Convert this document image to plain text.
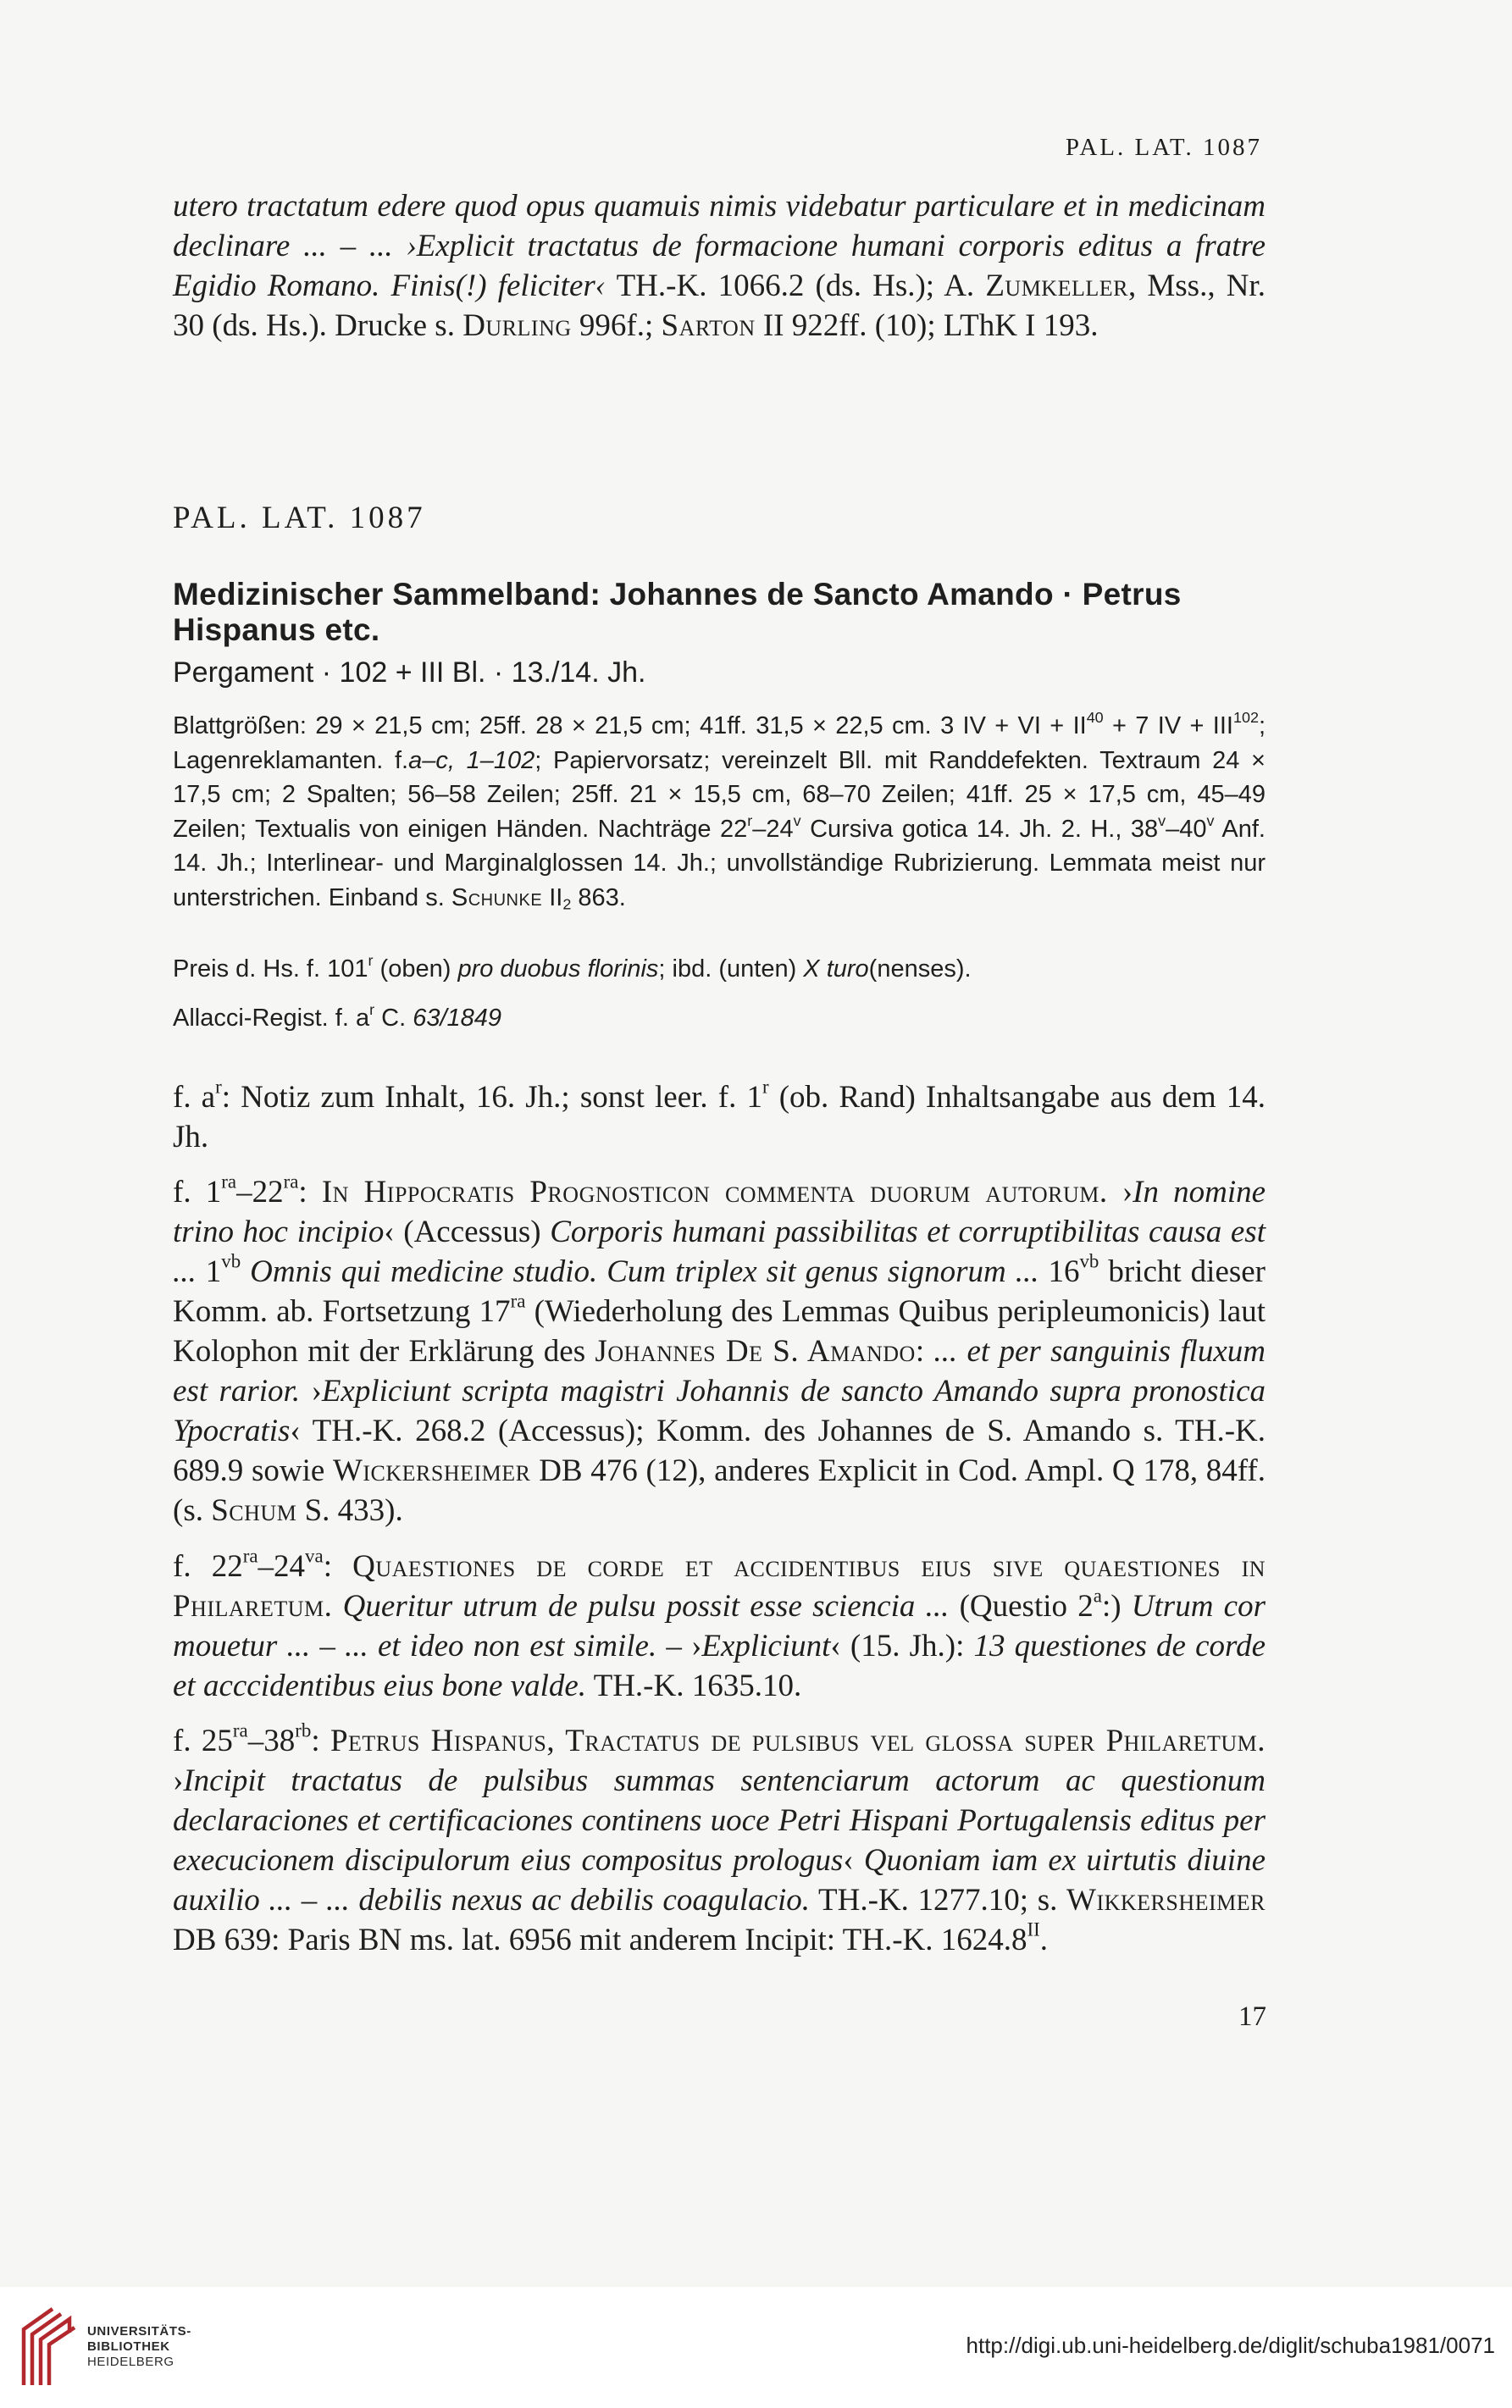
PAL. LAT. 1087

utero tractatum edere quod opus quamuis nimis videbatur particulare et in medicinam declinare ... – ... ›Explicit tractatus de formacione humani corporis editus a fratre Egidio Romano. Finis(!) feliciter‹ TH.-K. 1066.2 (ds. Hs.); A. Zumkeller, Mss., Nr. 30 (ds. Hs.). Drucke s. Durling 996f.; Sarton II 922ff. (10); LThK I 193.

PAL. LAT. 1087
Medizinischer Sammelband: Johannes de Sancto Amando · Petrus Hispanus etc.
Pergament · 102 + III Bl. · 13./14. Jh.

Blattgrößen: 29 × 21,5 cm; 25ff. 28 × 21,5 cm; 41ff. 31,5 × 22,5 cm. 3 IV + VI + $II^{40} + 7$ IV + $III^{102}$; Lagenreklamanten. f.a–c, 1–102; Papiervorsatz; vereinzelt Bll. mit Randdefekten. Textraum 24 × 17,5 cm; 2 Spalten; 56–58 Zeilen; 25ff. 21 × 15,5 cm, 68–70 Zeilen; 41ff. 25 × 17,5 cm, 45–49 Zeilen; Textualis von einigen Händen. Nachträge 22$^r$–24$^v$ Cursiva gotica 14. Jh. 2. H., 38$^v$–40$^v$ Anf. 14. Jh.; Interlinear- und Marginalglossen 14. Jh.; unvollständige Rubrizierung. Lemmata meist nur unterstrichen. Einband s. Schunke $II_2$ 863.

Preis d. Hs. f. 101$^r$ (oben) pro duobus florinis; ibd. (unten) X turo(nenses).

Allacci-Regist. f. $a^r$ C. 63/1849

f. $a^r$: Notiz zum Inhalt, 16. Jh.; sonst leer. f. 1$^r$ (ob. Rand) Inhaltsangabe aus dem 14. Jh.

f. $1^{ra}-22^{ra}$: In Hippocratis Prognosticon commenta duorum autorum. ›In nomine trino hoc incipio‹ (Accessus) Corporis humani passibilitas et corruptibilitas causa est ... $1^{vb}$ Omnis qui medicine studio. Cum triplex sit genus signorum ... $16^{vb}$ bricht dieser Komm. ab. Fortsetzung $17^{ra}$ (Wiederholung des Lemmas Quibus peripleumonicis) laut Kolophon mit der Erklärung des Johannes De S. Amando: ... et per sanguinis fluxum est rarior. ›Expliciunt scripta magistri Johannis de sancto Amando supra pronostica Ypocratis‹ TH.-K. 268.2 (Accessus); Komm. des Johannes de S. Amando s. TH.-K. 689.9 sowie Wickersheimer DB 476 (12), anderes Explicit in Cod. Ampl. Q 178, 84ff. (s. Schum S. 433).

f. $22^{ra}-24^{va}$: Quaestiones de corde et accidentibus eius sive quaestiones in Philaretum. Queritur utrum de pulsu possit esse sciencia ... (Questio 2$^a$:) Utrum cor mouetur ... – ... et ideo non est simile. – ›Expliciunt‹ (15. Jh.): 13 questiones de corde et acccidentibus eius bone valde. TH.-K. 1635.10.

f. $25^{ra}-38^{rb}$: Petrus Hispanus, Tractatus de pulsibus vel glossa super Philaretum. ›Incipit tractatus de pulsibus summas sentenciarum actorum ac questionum declaraciones et certificaciones continens uoce Petri Hispani Portugalensis editus per execucionem discipulorum eius compositus prologus‹ Quoniam iam ex uirtutis diuine auxilio ... – ... debilis nexus ac debilis coagulacio. TH.-K. 1277.10; s. Wikkersheimer DB 639: Paris BN ms. lat. 6956 mit anderem Incipit: TH.-K. $1624.8^{II}$.

17
UNIVERSITÄTS-
BIBLIOTHEK
HEIDELBERG
http://digi.ub.uni-heidelberg.de/diglit/schuba1981/0071
